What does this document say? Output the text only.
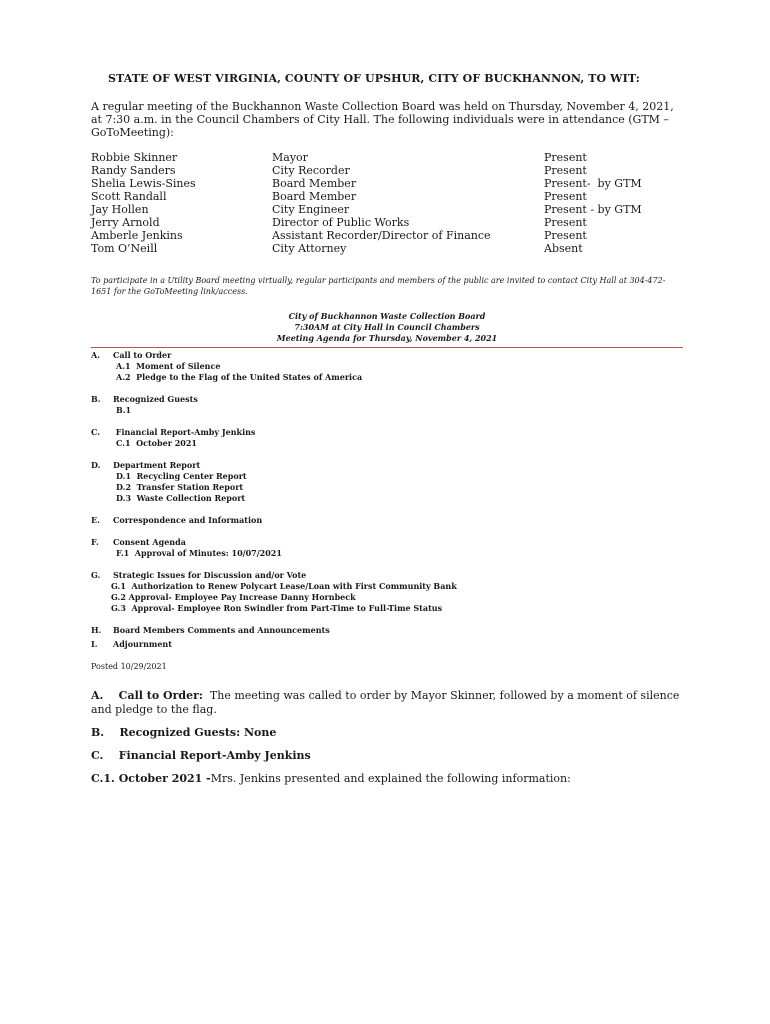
STATE OF WEST VIRGINIA, COUNTY OF UPSHUR, CITY OF BUCKHANNON, TO WIT:
A regular meeting of the Buckhannon Waste Collection Board was held on Thursday, November 4, 2021, at 7:30 a.m. in the Council Chambers of City Hall. The following individuals were in attendance (GTM – GoToMeeting):
Robbie Skinner	Mayor	Present
Randy Sanders	City Recorder	Present
Shelia Lewis-Sines	Board Member	Present-  by GTM
Scott Randall	Board Member	Present
Jay Hollen	City Engineer	Present - by GTM
Jerry Arnold	Director of Public Works	Present
Amberle Jenkins	Assistant Recorder/Director of Finance	Present
Tom O’Neill	City Attorney	Absent
To participate in a Utility Board meeting virtually, regular participants and members of the public are invited to contact City Hall at 304-472-1651 for the GoToMeeting link/access.
City of Buckhannon Waste Collection Board
7:30AM at City Hall in Council Chambers
Meeting Agenda for Thursday, November 4, 2021
A.	Call to Order
A.1  Moment of Silence
A.2  Pledge to the Flag of the United States of America
B.	Recognized Guests
B.1
C.	Financial Report-Amby Jenkins
C.1  October 2021
D.	Department Report
D.1  Recycling Center Report
D.2  Transfer Station Report
D.3  Waste Collection Report
E.	Correspondence and Information
F.	Consent Agenda
F.1  Approval of Minutes: 10/07/2021
G.	Strategic Issues for Discussion and/or Vote
G.1  Authorization to Renew Polycart Lease/Loan with First Community Bank
G.2 Approval- Employee Pay Increase Danny Hornbeck
G.3  Approval- Employee Ron Swindler from Part-Time to Full-Time Status
H.	Board Members Comments and Announcements
I.	Adjournment
Posted 10/29/2021
A.    Call to Order:  The meeting was called to order by Mayor Skinner, followed by a moment of silence and pledge to the flag.
B.    Recognized Guests: None
C.    Financial Report-Amby Jenkins
C.1. October 2021 -Mrs. Jenkins presented and explained the following information:
